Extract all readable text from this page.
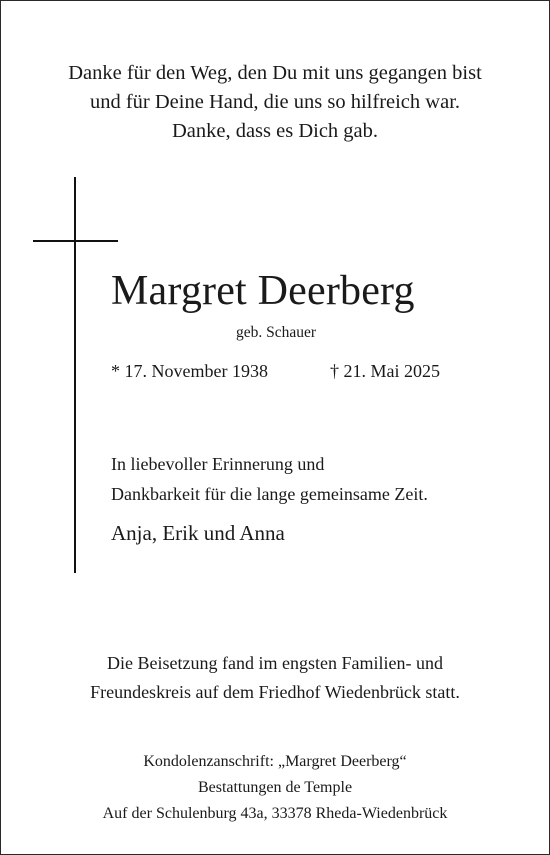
Danke für den Weg, den Du mit uns gegangen bist
und für Deine Hand, die uns so hilfreich war.
Danke, dass es Dich gab.
Margret Deerberg
geb. Schauer
* 17. November 1938	† 21. Mai 2025
In liebevoller Erinnerung und
Dankbarkeit für die lange gemeinsame Zeit.
Anja, Erik und Anna
Die Beisetzung fand im engsten Familien- und
Freundeskreis auf dem Friedhof Wiedenbrück statt.
Kondolenzanschrift: „Margret Deerberg“
Bestattungen de Temple
Auf der Schulenburg 43a, 33378 Rheda-Wiedenbrück
